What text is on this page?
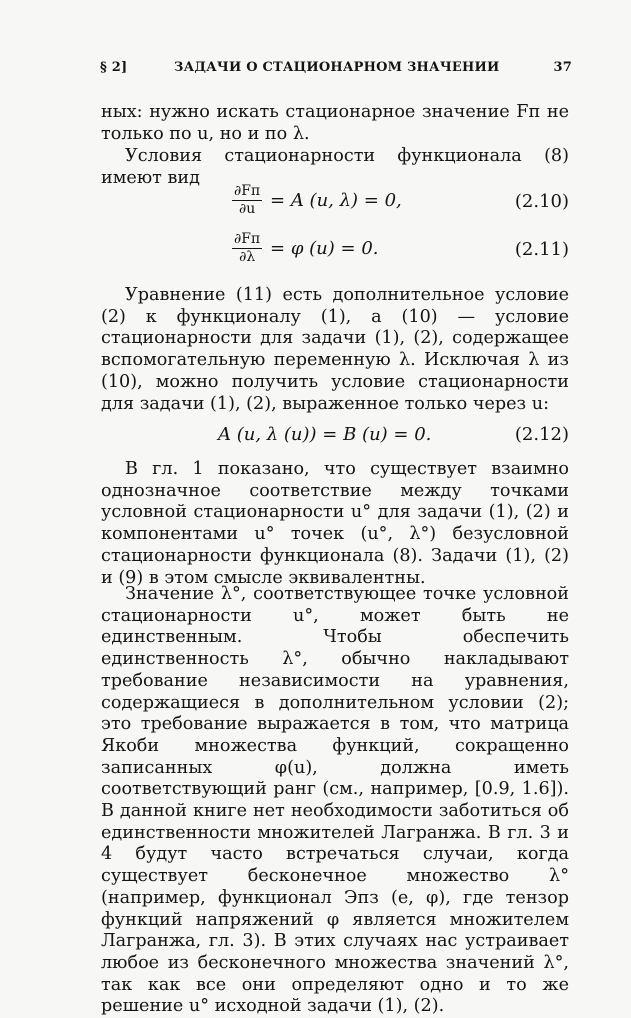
§ 2]	ЗАДАЧИ О СТАЦИОНАРНОМ ЗНАЧЕНИИ	37
ных: нужно искать стационарное значение Fп не только по u, но и по λ.
Условия стационарности функционала (8) имеют вид
$\frac{\partial Fп}{\partial u} = A$ (u, λ) = 0,	(2.10)
$\frac{\partial Fп}{\partial\lambda} = \varphi$ (u) = 0.	(2.11)
Уравнение (11) есть дополнительное условие (2) к функционалу (1), а (10) — условие стационарности для задачи (1), (2), содержащее вспомогательную переменную λ. Исключая λ из (10), можно получить условие стационарности для задачи (1), (2), выраженное только через u:
A (u, λ (u)) = B (u) = 0.	(2.12)
В гл. 1 показано, что существует взаимно однозначное соответствие между точками условной стационарности u° для задачи (1), (2) и компонентами u° точек (u°, λ°) безусловной стационарности функционала (8). Задачи (1), (2) и (9) в этом смысле эквивалентны.
Значение λ°, соответствующее точке условной стационарности u°, может быть не единственным. Чтобы обеспечить единственность λ°, обычно накладывают требование независимости на уравнения, содержащиеся в дополнительном условии (2); это требование выражается в том, что матрица Якоби множества функций, сокращенно записанных φ(u), должна иметь соответствующий ранг (см., например, [0.9, 1.6]). В данной книге нет необходимости заботиться об единственности множителей Лагранжа. В гл. 3 и 4 будут часто встречаться случаи, когда существует бесконечное множество λ° (например, функционал Эпз (e, φ), где тензор функций напряжений φ является множителем Лагранжа, гл. 3). В этих случаях нас устраивает любое из бесконечного множества значений λ°, так как все они определяют одно и то же решение u° исходной задачи (1), (2).
